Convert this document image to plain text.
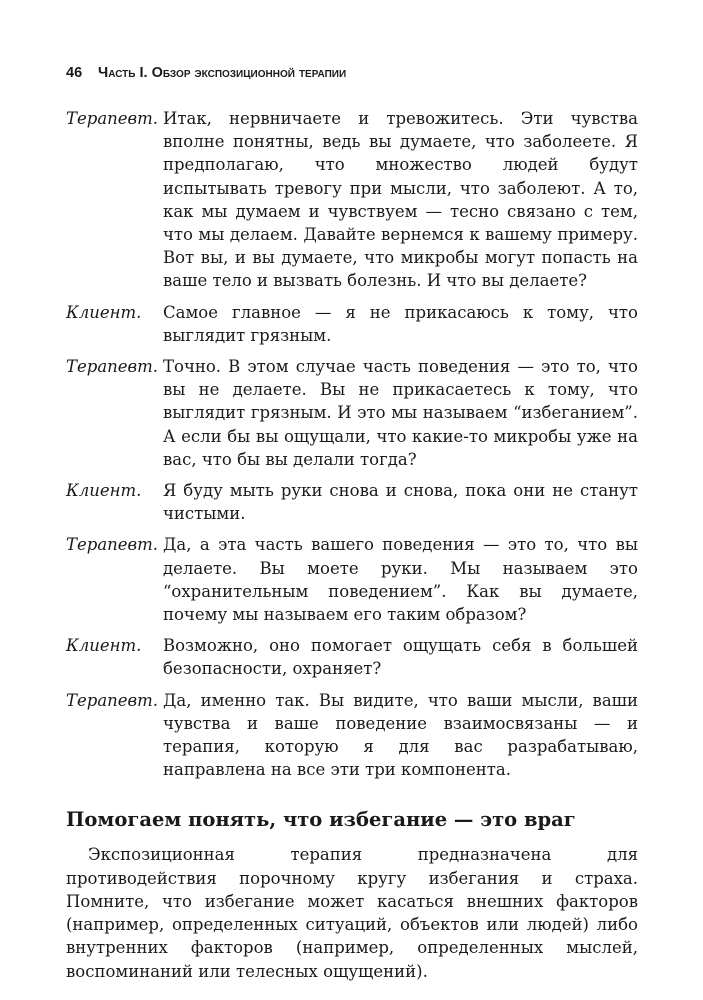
46 Часть I. Обзор экспозиционной терапии
Терапевт. Итак, нервничаете и тревожитесь. Эти чувства вполне понятны, ведь вы думаете, что заболеете. Я предполагаю, что множество людей будут испытывать тревогу при мысли, что заболеют. А то, как мы думаем и чувствуем — тесно связано с тем, что мы делаем. Давайте вернемся к вашему примеру. Вот вы, и вы думаете, что микробы могут попасть на ваше тело и вызвать болезнь. И что вы делаете?

Клиент.	Самое главное — я не прикасаюсь к тому, что выглядит грязным.

Терапевт. Точно. В этом случае часть поведения — это то, что вы не делаете. Вы не прикасаетесь к тому, что выглядит грязным. И это мы называем “избеганием”. А если бы вы ощущали, что какие-то микробы уже на вас, что бы вы делали тогда?

Клиент.	Я буду мыть руки снова и снова, пока они не станут чистыми.

Терапевт. Да, а эта часть вашего поведения — это то, что вы делаете. Вы моете руки. Мы называем это “охранительным поведением”. Как вы думаете, почему мы называем его таким образом?

Клиент.	Возможно, оно помогает ощущать себя в большей безопасности, охраняет?

Терапевт. Да, именно так. Вы видите, что ваши мысли, ваши чувства и ваше поведение взаимосвязаны — и терапия, которую я для вас разрабатываю, направлена на все эти три компонента.

Помогаем понять, что избегание — это враг

Экспозиционная терапия предназначена для противодействия порочному кругу избегания и страха. Помните, что избегание может касаться внешних факторов (например, определенных ситуаций, объектов или людей) либо внутренних факторов (например, определенных мыслей, воспоминаний или телесных ощущений).
